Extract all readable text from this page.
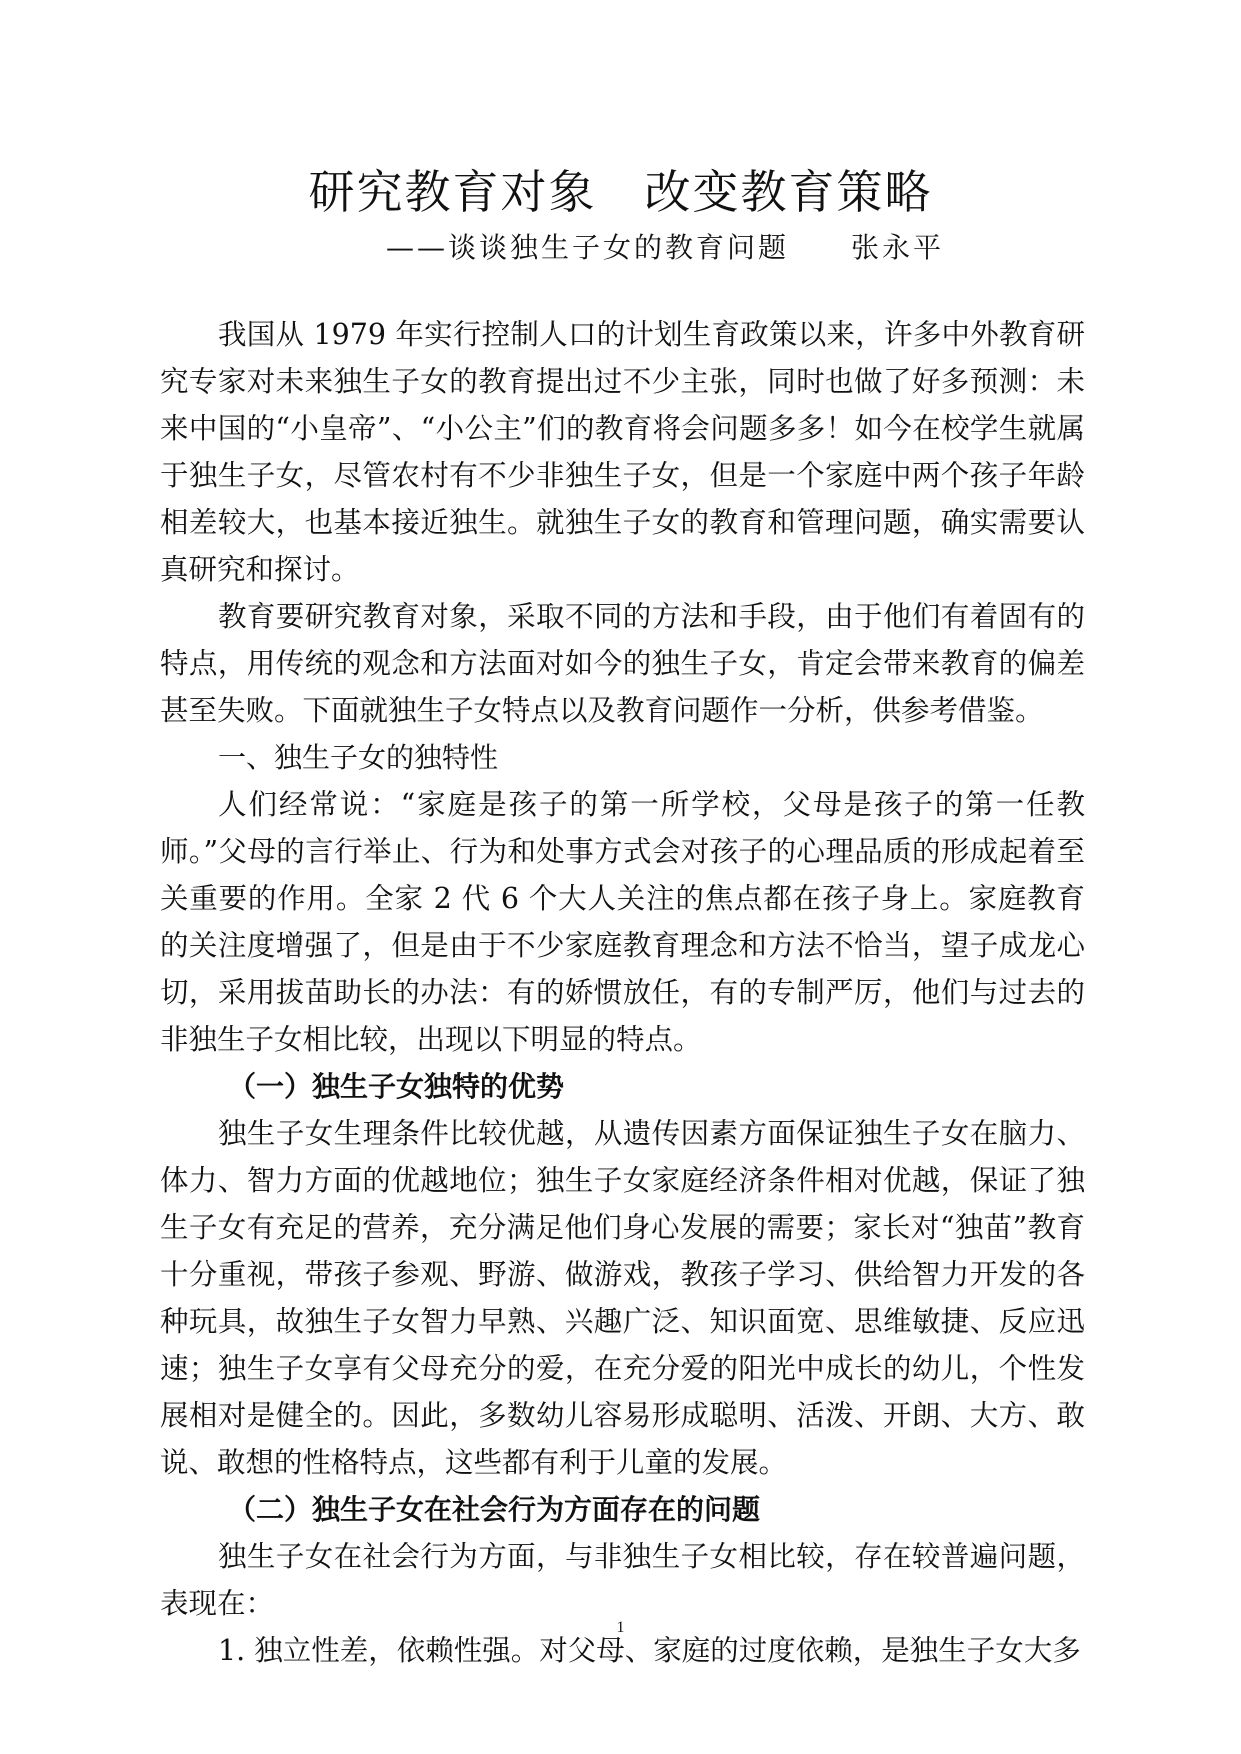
研究教育对象　改变教育策略
——谈谈独生子女的教育问题　　张永平

我国从 1979 年实行控制人口的计划生育政策以来，许多中外教育研究专家对未来独生子女的教育提出过不少主张，同时也做了好多预测：未来中国的“小皇帝”、“小公主”们的教育将会问题多多！如今在校学生就属于独生子女，尽管农村有不少非独生子女，但是一个家庭中两个孩子年龄相差较大，也基本接近独生。就独生子女的教育和管理问题，确实需要认真研究和探讨。

教育要研究教育对象，采取不同的方法和手段，由于他们有着固有的特点，用传统的观念和方法面对如今的独生子女，肯定会带来教育的偏差甚至失败。下面就独生子女特点以及教育问题作一分析，供参考借鉴。

一、独生子女的独特性

人们经常说：“家庭是孩子的第一所学校，父母是孩子的第一任教师。”父母的言行举止、行为和处事方式会对孩子的心理品质的形成起着至关重要的作用。全家 2 代 6 个大人关注的焦点都在孩子身上。家庭教育的关注度增强了，但是由于不少家庭教育理念和方法不恰当，望子成龙心切，采用拔苗助长的办法：有的娇惯放任，有的专制严厉，他们与过去的非独生子女相比较，出现以下明显的特点。

（一）独生子女独特的优势

独生子女生理条件比较优越，从遗传因素方面保证独生子女在脑力、体力、智力方面的优越地位；独生子女家庭经济条件相对优越，保证了独生子女有充足的营养，充分满足他们身心发展的需要；家长对“独苗”教育十分重视，带孩子参观、野游、做游戏，教孩子学习、供给智力开发的各种玩具，故独生子女智力早熟、兴趣广泛、知识面宽、思维敏捷、反应迅速；独生子女享有父母充分的爱，在充分爱的阳光中成长的幼儿，个性发展相对是健全的。因此，多数幼儿容易形成聪明、活泼、开朗、大方、敢说、敢想的性格特点，这些都有利于儿童的发展。

（二）独生子女在社会行为方面存在的问题

独生子女在社会行为方面，与非独生子女相比较，存在较普遍问题，表现在：

1. 独立性差，依赖性强。对父母、家庭的过度依赖，是独生子女大多

1
